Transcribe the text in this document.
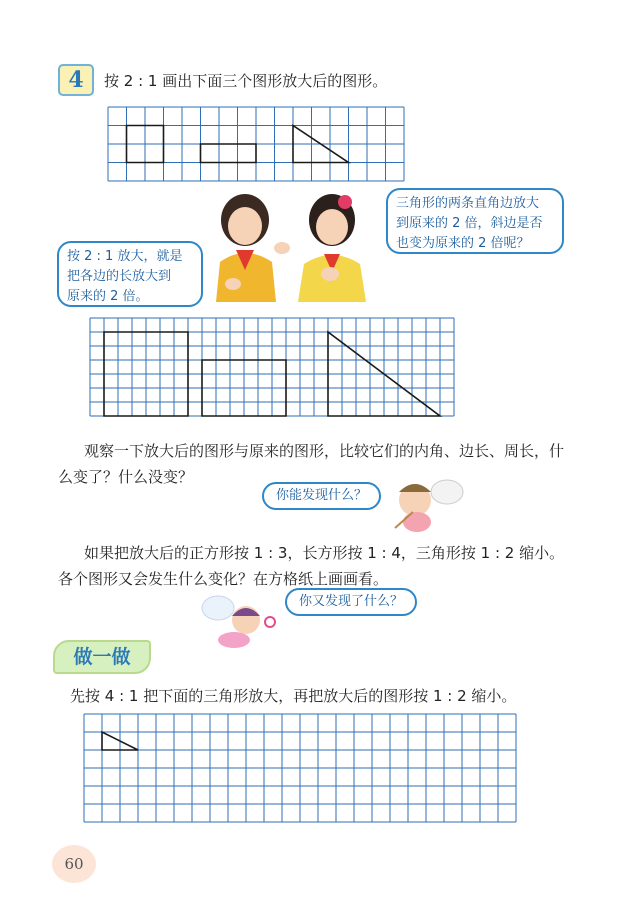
4	按 2 : 1 画出下面三个图形放大后的图形。
按 2 : 1 放大，就是
把各边的长放大到
原来的 2 倍。
三角形的两条直角边放大
到原来的 2 倍，斜边是否
也变为原来的 2 倍呢？
观察一下放大后的图形与原来的图形，比较它们的内角、边长、周长，什
么变了？什么没变？
你能发现什么？
如果把放大后的正方形按 1 : 3，长方形按 1 : 4，三角形按 1 : 2 缩小。
各个图形又会发生什么变化？在方格纸上画画看。
你又发现了什么？
做一做
先按 4 : 1 把下面的三角形放大，再把放大后的图形按 1 : 2 缩小。
60
